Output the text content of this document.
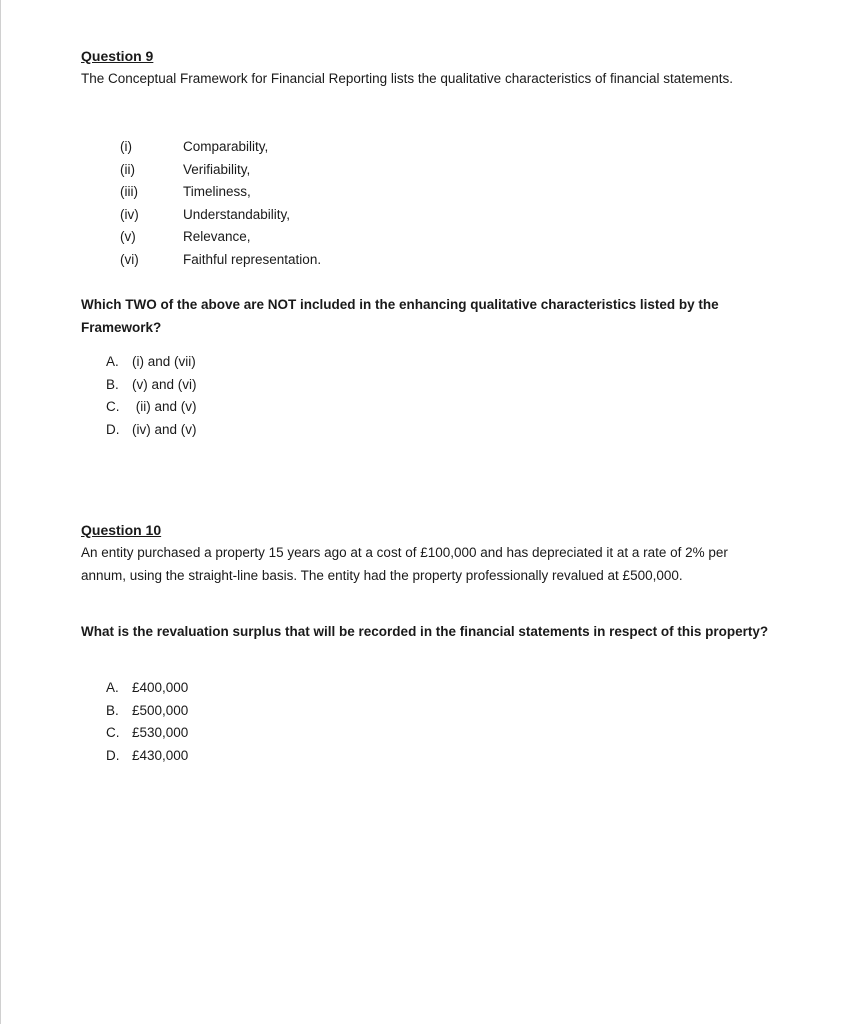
Question 9
The Conceptual Framework for Financial Reporting lists the qualitative characteristics of financial statements.
(i)	Comparability,
(ii)	Verifiability,
(iii)	Timeliness,
(iv)	Understandability,
(v)	Relevance,
(vi)	Faithful representation.
Which TWO of the above are NOT included in the enhancing qualitative characteristics listed by the Framework?
A. (i) and (vii)
B. (v) and (vi)
C. (ii) and (v)
D. (iv) and (v)
Question 10
An entity purchased a property 15 years ago at a cost of £100,000 and has depreciated it at a rate of 2% per annum, using the straight-line basis. The entity had the property professionally revalued at £500,000.
What is the revaluation surplus that will be recorded in the financial statements in respect of this property?
A. £400,000
B. £500,000
C. £530,000
D. £430,000
